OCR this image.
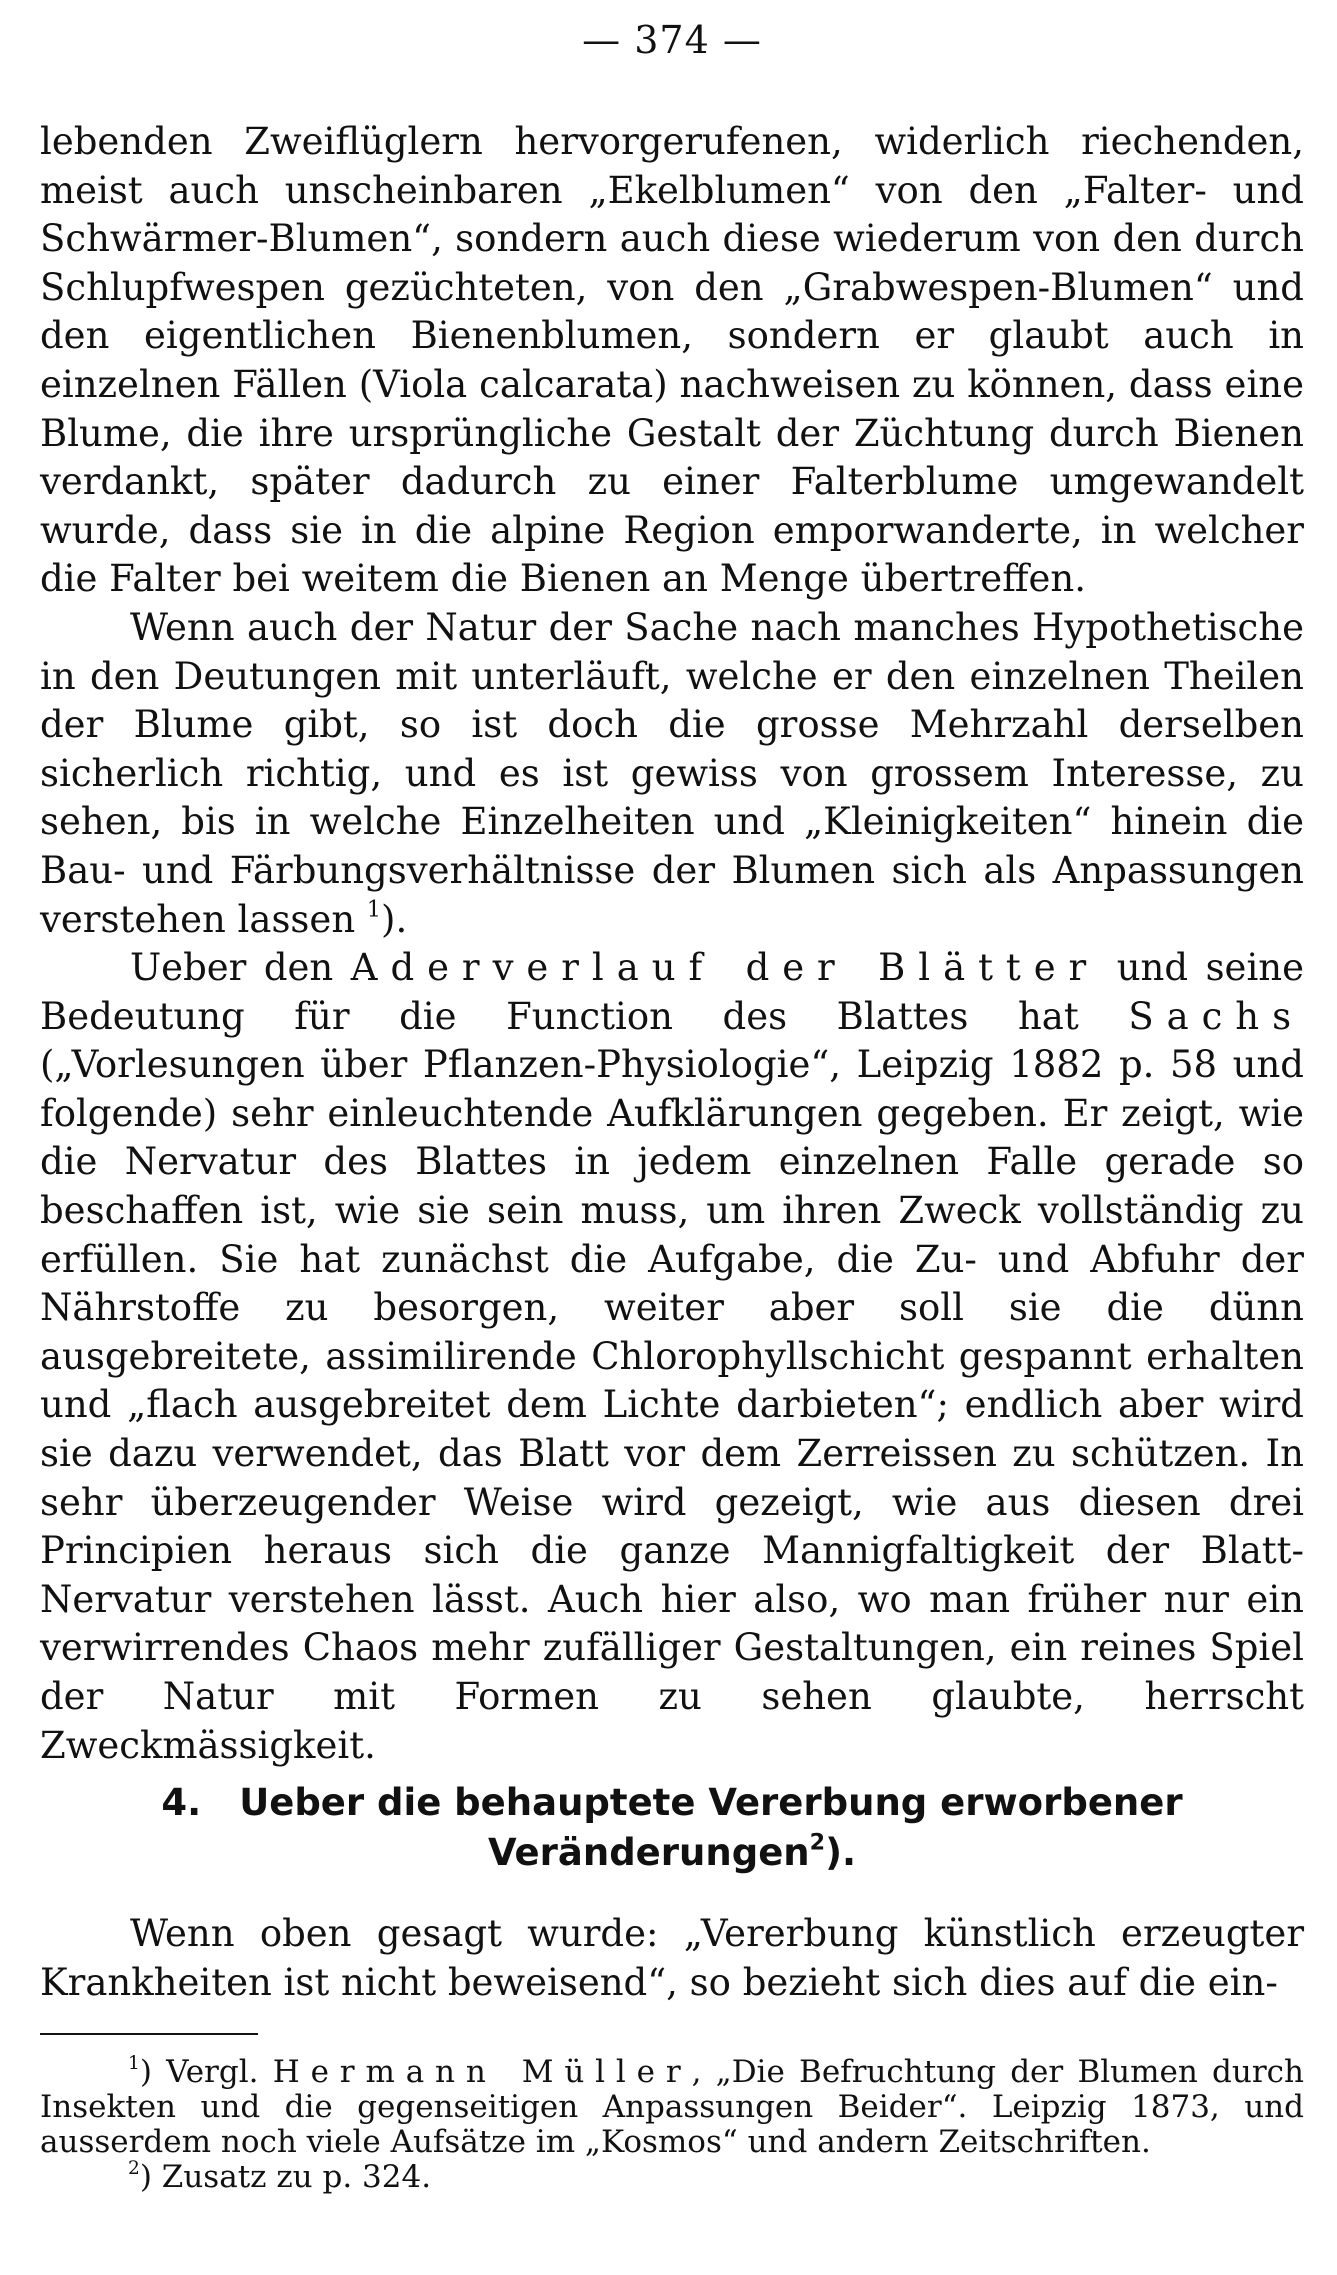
— 374 —

lebenden Zweiflüglern hervorgerufenen, widerlich riechenden, meist auch unscheinbaren „Ekelblumen“ von den „Falter- und Schwärmer-Blumen“, sondern auch diese wiederum von den durch Schlupfwespen gezüchteten, von den „Grabwespen-Blumen“ und den eigentlichen Bienenblumen, sondern er glaubt auch in einzelnen Fällen (Viola calcarata) nachweisen zu können, dass eine Blume, die ihre ursprüngliche Gestalt der Züchtung durch Bienen verdankt, später dadurch zu einer Falterblume umgewandelt wurde, dass sie in die alpine Region emporwanderte, in welcher die Falter bei weitem die Bienen an Menge übertreffen.

Wenn auch der Natur der Sache nach manches Hypothetische in den Deutungen mit unterläuft, welche er den einzelnen Theilen der Blume gibt, so ist doch die grosse Mehrzahl derselben sicherlich richtig, und es ist gewiss von grossem Interesse, zu sehen, bis in welche Einzelheiten und „Kleinigkeiten“ hinein die Bau- und Färbungsverhältnisse der Blumen sich als Anpassungen verstehen lassen $^1$).

Ueber den Aderverlauf der Blätter und seine Bedeutung für die Function des Blattes hat Sachs („Vorlesungen über Pflanzen-Physiologie“, Leipzig 1882 p. 58 und folgende) sehr einleuchtende Aufklärungen gegeben. Er zeigt, wie die Nervatur des Blattes in jedem einzelnen Falle gerade so beschaffen ist, wie sie sein muss, um ihren Zweck vollständig zu erfüllen. Sie hat zunächst die Aufgabe, die Zu- und Abfuhr der Nährstoffe zu besorgen, weiter aber soll sie die dünn ausgebreitete, assimilirende Chlorophyllschicht gespannt erhalten und „flach ausgebreitet dem Lichte darbieten“; endlich aber wird sie dazu verwendet, das Blatt vor dem Zerreissen zu schützen. In sehr überzeugender Weise wird gezeigt, wie aus diesen drei Principien heraus sich die ganze Mannigfaltigkeit der Blatt-Nervatur verstehen lässt. Auch hier also, wo man früher nur ein verwirrendes Chaos mehr zufälliger Gestaltungen, ein reines Spiel der Natur mit Formen zu sehen glaubte, herrscht Zweckmässigkeit.

4. Ueber die behauptete Vererbung erworbener
Veränderungen$^2$).

Wenn oben gesagt wurde: „Vererbung künstlich erzeugter Krankheiten ist nicht beweisend“, so bezieht sich dies auf die ein-

$^1$) Vergl. Hermann Müller, „Die Befruchtung der Blumen durch Insekten und die gegenseitigen Anpassungen Beider“. Leipzig 1873, und ausserdem noch viele Aufsätze im „Kosmos“ und andern Zeitschriften.

$^2$) Zusatz zu p. 324.
